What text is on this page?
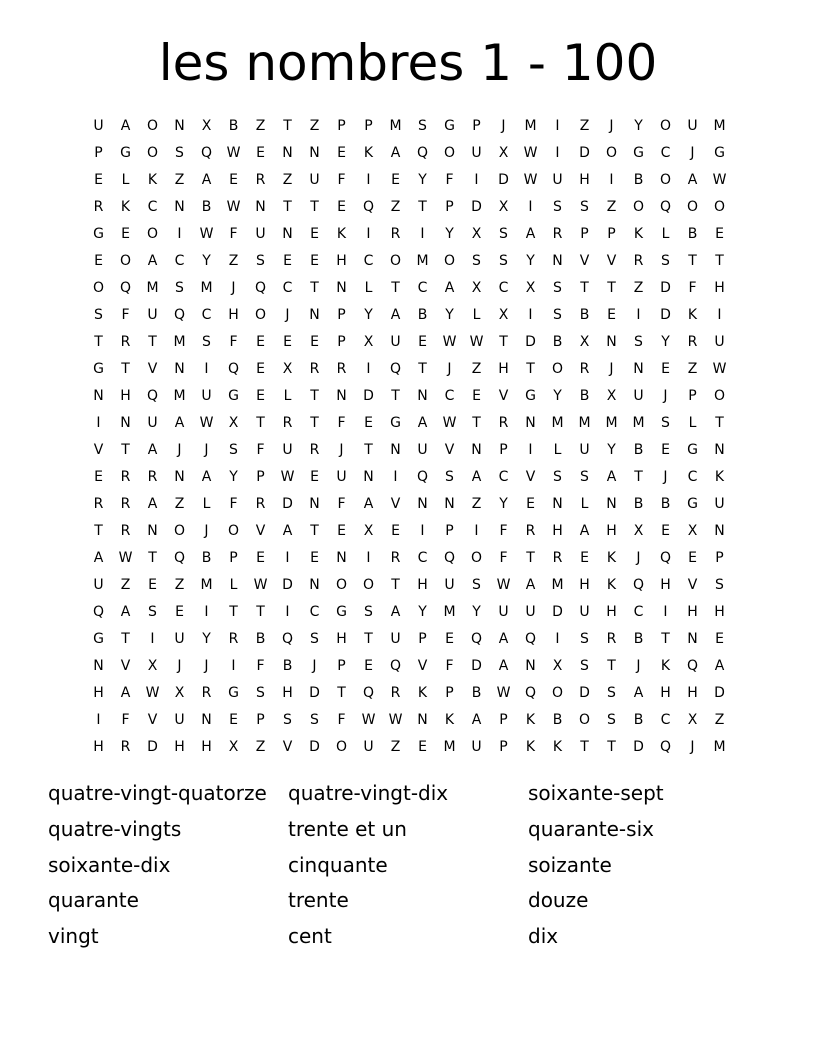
les nombres 1 - 100
U	A	O	N	X	B	Z	T	Z	P	P	M	S	G	P	J	M	I	Z	J	Y	O	U	M
P	G	O	S	Q	W	E	N	N	E	K	A	Q	O	U	X	W	I	D	O	G	C	J	G
E	L	K	Z	A	E	R	Z	U	F	I	E	Y	F	I	D	W	U	H	I	B	O	A	W
R	K	C	N	B	W	N	T	T	E	Q	Z	T	P	D	X	I	S	S	Z	O	Q	O	O
G	E	O	I	W	F	U	N	E	K	I	R	I	Y	X	S	A	R	P	P	K	L	B	E
E	O	A	C	Y	Z	S	E	E	H	C	O	M	O	S	S	Y	N	V	V	R	S	T	T
O	Q	M	S	M	J	Q	C	T	N	L	T	C	A	X	C	X	S	T	T	Z	D	F	H
S	F	U	Q	C	H	O	J	N	P	Y	A	B	Y	L	X	I	S	B	E	I	D	K	I
T	R	T	M	S	F	E	E	E	P	X	U	E	W W	T	D	B	X	N	S	Y	R	U
G	T	V	N	I	Q	E	X	R	R	I	Q	T	J	Z	H	T	O	R	J	N	E	Z	W
N	H	Q	M	U	G	E	L	T	N	D	T	N	C	E	V	G	Y	B	X	U	J	P	O
I	N	U	A	W	X	T	R	T	F	E	G	A	W	T	R	N	M	M	M	M	S	L	T
V	T	A	J	J	S	F	U	R	J	T	N	U	V	N	P	I	L	U	Y	B	E	G	N
E	R	R	N	A	Y	P	W	E	U	N	I	Q	S	A	C	V	S	S	A	T	J	C	K
R	R	A	Z	L	F	R	D	N	F	A	V	N	N	Z	Y	E	N	L	N	B	B	G	U
T	R	N	O	J	O	V	A	T	E	X	E	I	P	I	F	R	H	A	H	X	E	X	N
A	W	T	Q	B	P	E	I	E	N	I	R	C	Q	O	F	T	R	E	K	J	Q	E	P
U	Z	E	Z	M	L	W	D	N	O	O	T	H	U	S	W	A	M	H	K	Q	H	V	S
Q	A	S	E	I	T	T	I	C	G	S	A	Y	M	Y	U	U	D	U	H	C	I	H	H
G	T	I	U	Y	R	B	Q	S	H	T	U	P	E	Q	A	Q	I	S	R	B	T	N	E
N	V	X	J	J	I	F	B	J	P	E	Q	V	F	D	A	N	X	S	T	J	K	Q	A
H	A	W	X	R	G	S	H	D	T	Q	R	K	P	B	W	Q	O	D	S	A	H	H	D
I	F	V	U	N	E	P	S	S	F	W W	N	K	A	P	K	B	O	S	B	C	X	Z
H	R	D	H	H	X	Z	V	D	O	U	Z	E	M	U	P	K	K	T	T	D	Q	J	M
quatre-vingt-quatorze	quatre-vingt-dix	soixante-sept
quatre-vingts	trente et un	quarante-six
soixante-dix	cinquante	soizante
quarante	trente	douze
vingt	cent	dix
